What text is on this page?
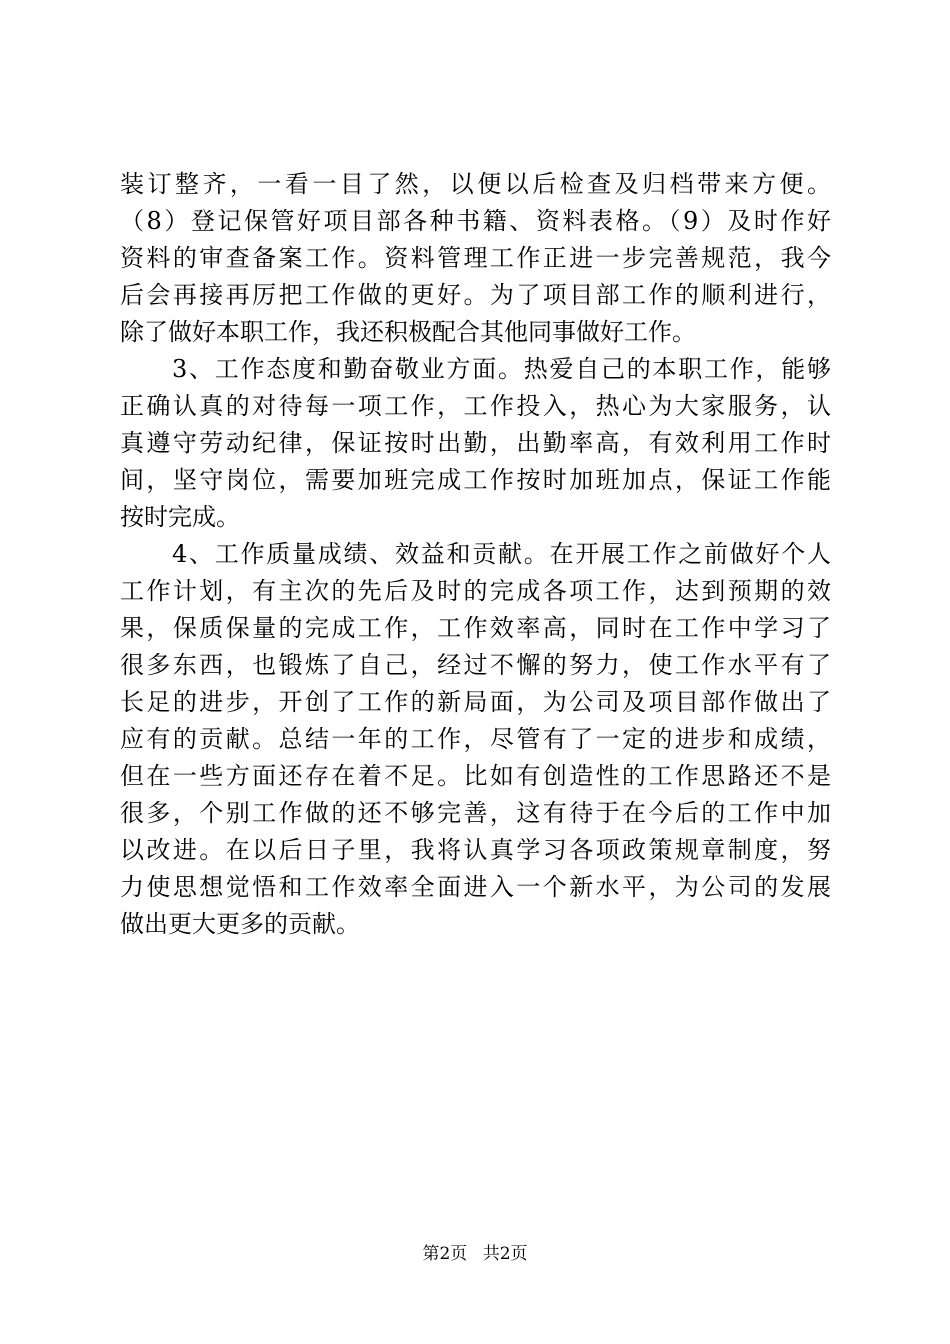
装订整齐，一看一目了然，以便以后检查及归档带来方便。
（8）登记保管好项目部各种书籍、资料表格。（9）及时作好
资料的审查备案工作。资料管理工作正进一步完善规范，我今
后会再接再厉把工作做的更好。为了项目部工作的顺利进行，
除了做好本职工作，我还积极配合其他同事做好工作。
3、工作态度和勤奋敬业方面。热爱自己的本职工作，能够
正确认真的对待每一项工作，工作投入，热心为大家服务，认
真遵守劳动纪律，保证按时出勤，出勤率高，有效利用工作时
间，坚守岗位，需要加班完成工作按时加班加点，保证工作能
按时完成。
4、工作质量成绩、效益和贡献。在开展工作之前做好个人
工作计划，有主次的先后及时的完成各项工作，达到预期的效
果，保质保量的完成工作，工作效率高，同时在工作中学习了
很多东西，也锻炼了自己，经过不懈的努力，使工作水平有了
长足的进步，开创了工作的新局面，为公司及项目部作做出了
应有的贡献。总结一年的工作，尽管有了一定的进步和成绩，
但在一些方面还存在着不足。比如有创造性的工作思路还不是
很多，个别工作做的还不够完善，这有待于在今后的工作中加
以改进。在以后日子里，我将认真学习各项政策规章制度，努
力使思想觉悟和工作效率全面进入一个新水平，为公司的发展
做出更大更多的贡献。
第2页 共2页
